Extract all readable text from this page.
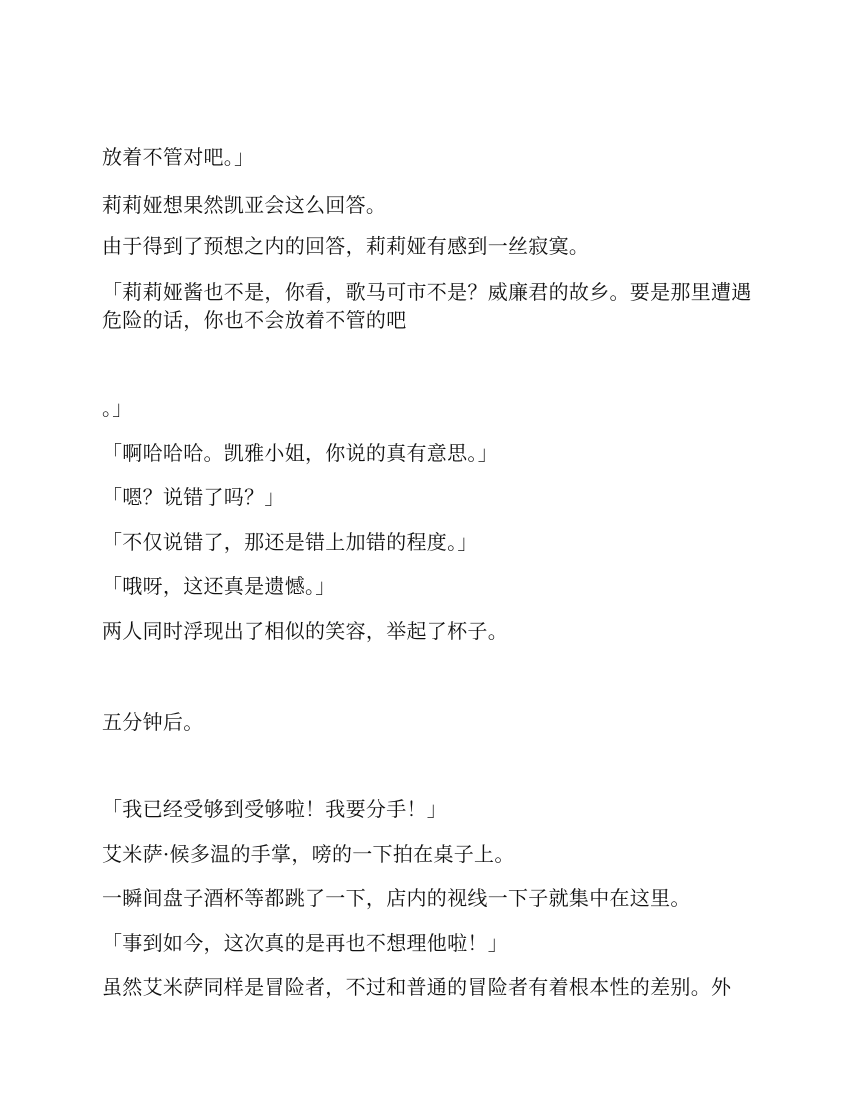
放着不管对吧。」

莉莉娅想果然凯亚会这么回答。

由于得到了预想之内的回答，莉莉娅有感到一丝寂寞。

「莉莉娅酱也不是，你看，歌马可市不是？威廉君的故乡。要是那里遭遇危险的话，你也不会放着不管的吧

。」

「啊哈哈哈。凯雅小姐，你说的真有意思。」

「嗯？说错了吗？」

「不仅说错了，那还是错上加错的程度。」

「哦呀，这还真是遗憾。」

两人同时浮现出了相似的笑容，举起了杯子。

五分钟后。

「我已经受够到受够啦！我要分手！」

艾米萨·候多温的手掌，嗙的一下拍在桌子上。

一瞬间盘子酒杯等都跳了一下，店内的视线一下子就集中在这里。

「事到如今，这次真的是再也不想理他啦！」

虽然艾米萨同样是冒险者，不过和普通的冒险者有着根本性的差别。外
